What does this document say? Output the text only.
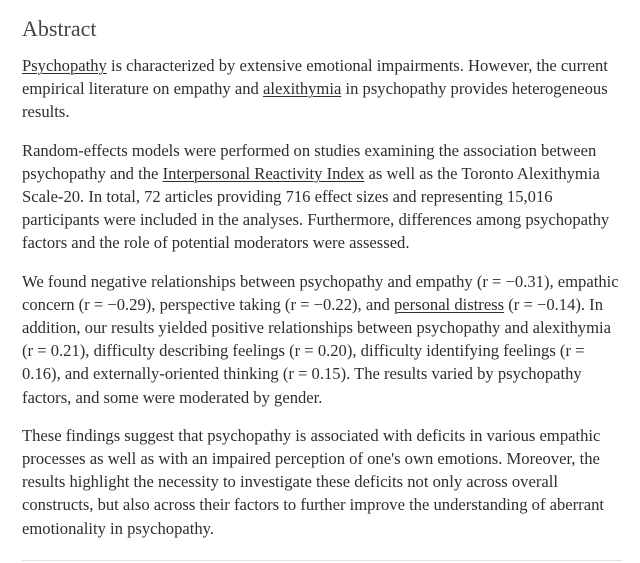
Abstract

Psychopathy is characterized by extensive emotional impairments. However, the current empirical literature on empathy and alexithymia in psychopathy provides heterogeneous results.

Random-effects models were performed on studies examining the association between psychopathy and the Interpersonal Reactivity Index as well as the Toronto Alexithymia Scale-20. In total, 72 articles providing 716 effect sizes and representing 15,016 participants were included in the analyses. Furthermore, differences among psychopathy factors and the role of potential moderators were assessed.

We found negative relationships between psychopathy and empathy (r = −0.31), empathic concern (r = −0.29), perspective taking (r = −0.22), and personal distress (r = −0.14). In addition, our results yielded positive relationships between psychopathy and alexithymia (r = 0.21), difficulty describing feelings (r = 0.20), difficulty identifying feelings (r = 0.16), and externally-oriented thinking (r = 0.15). The results varied by psychopathy factors, and some were moderated by gender.

These findings suggest that psychopathy is associated with deficits in various empathic processes as well as with an impaired perception of one's own emotions. Moreover, the results highlight the necessity to investigate these deficits not only across overall constructs, but also across their factors to further improve the understanding of aberrant emotionality in psychopathy.
